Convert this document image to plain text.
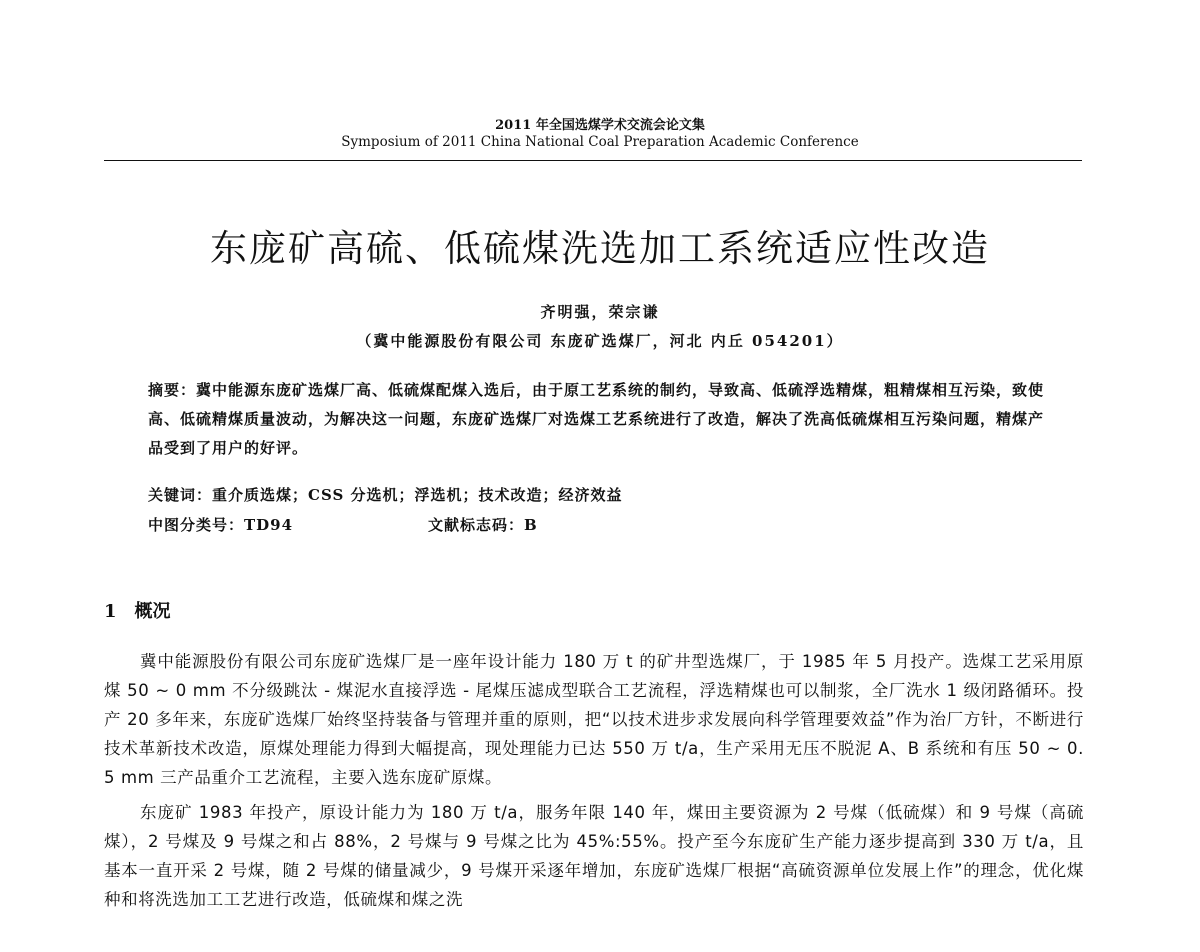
2011 年全国选煤学术交流会论文集
Symposium of 2011 China National Coal Preparation Academic Conference
东庞矿高硫、低硫煤洗选加工系统适应性改造
齐明强，荣宗谦
（冀中能源股份有限公司 东庞矿选煤厂，河北 内丘 054201）
摘要：冀中能源东庞矿选煤厂高、低硫煤配煤入选后，由于原工艺系统的制约，导致高、低硫浮选精煤，粗精煤相互污染，致使高、低硫精煤质量波动，为解决这一问题，东庞矿选煤厂对选煤工艺系统进行了改造，解决了洗高低硫煤相互污染问题，精煤产品受到了用户的好评。
关键词：重介质选煤；CSS 分选机；浮选机；技术改造；经济效益
中图分类号：TD94	文献标志码：B
1 概况

冀中能源股份有限公司东庞矿选煤厂是一座年设计能力 180 万 t 的矿井型选煤厂，于 1985 年 5 月投产。选煤工艺采用原煤 50 ~ 0 mm 不分级跳汰 - 煤泥水直接浮选 - 尾煤压滤成型联合工艺流程，浮选精煤也可以制浆，全厂洗水 1 级闭路循环。投产 20 多年来，东庞矿选煤厂始终坚持装备与管理并重的原则，把“以技术进步求发展向科学管理要效益”作为治厂方针，不断进行技术革新技术改造，原煤处理能力得到大幅提高，现处理能力已达 550 万 t/a，生产采用无压不脱泥 A、B 系统和有压 50 ~ 0. 5 mm 三产品重介工艺流程，主要入选东庞矿原煤。

东庞矿 1983 年投产，原设计能力为 180 万 t/a，服务年限 140 年，煤田主要资源为 2 号煤（低硫煤）和 9 号煤（高硫煤），2 号煤及 9 号煤之和占 88%，2 号煤与 9 号煤之比为 45%:55%。投产至今东庞矿生产能力逐步提高到 330 万 t/a，且基本一直开采 2 号煤，随 2 号煤的储量减少，9 号煤开采逐年增加，东庞矿选煤厂根据“高硫资源单位发展上作”的理念，优化煤种和将洗选加工工艺进行改造，低硫煤和煤之洗
